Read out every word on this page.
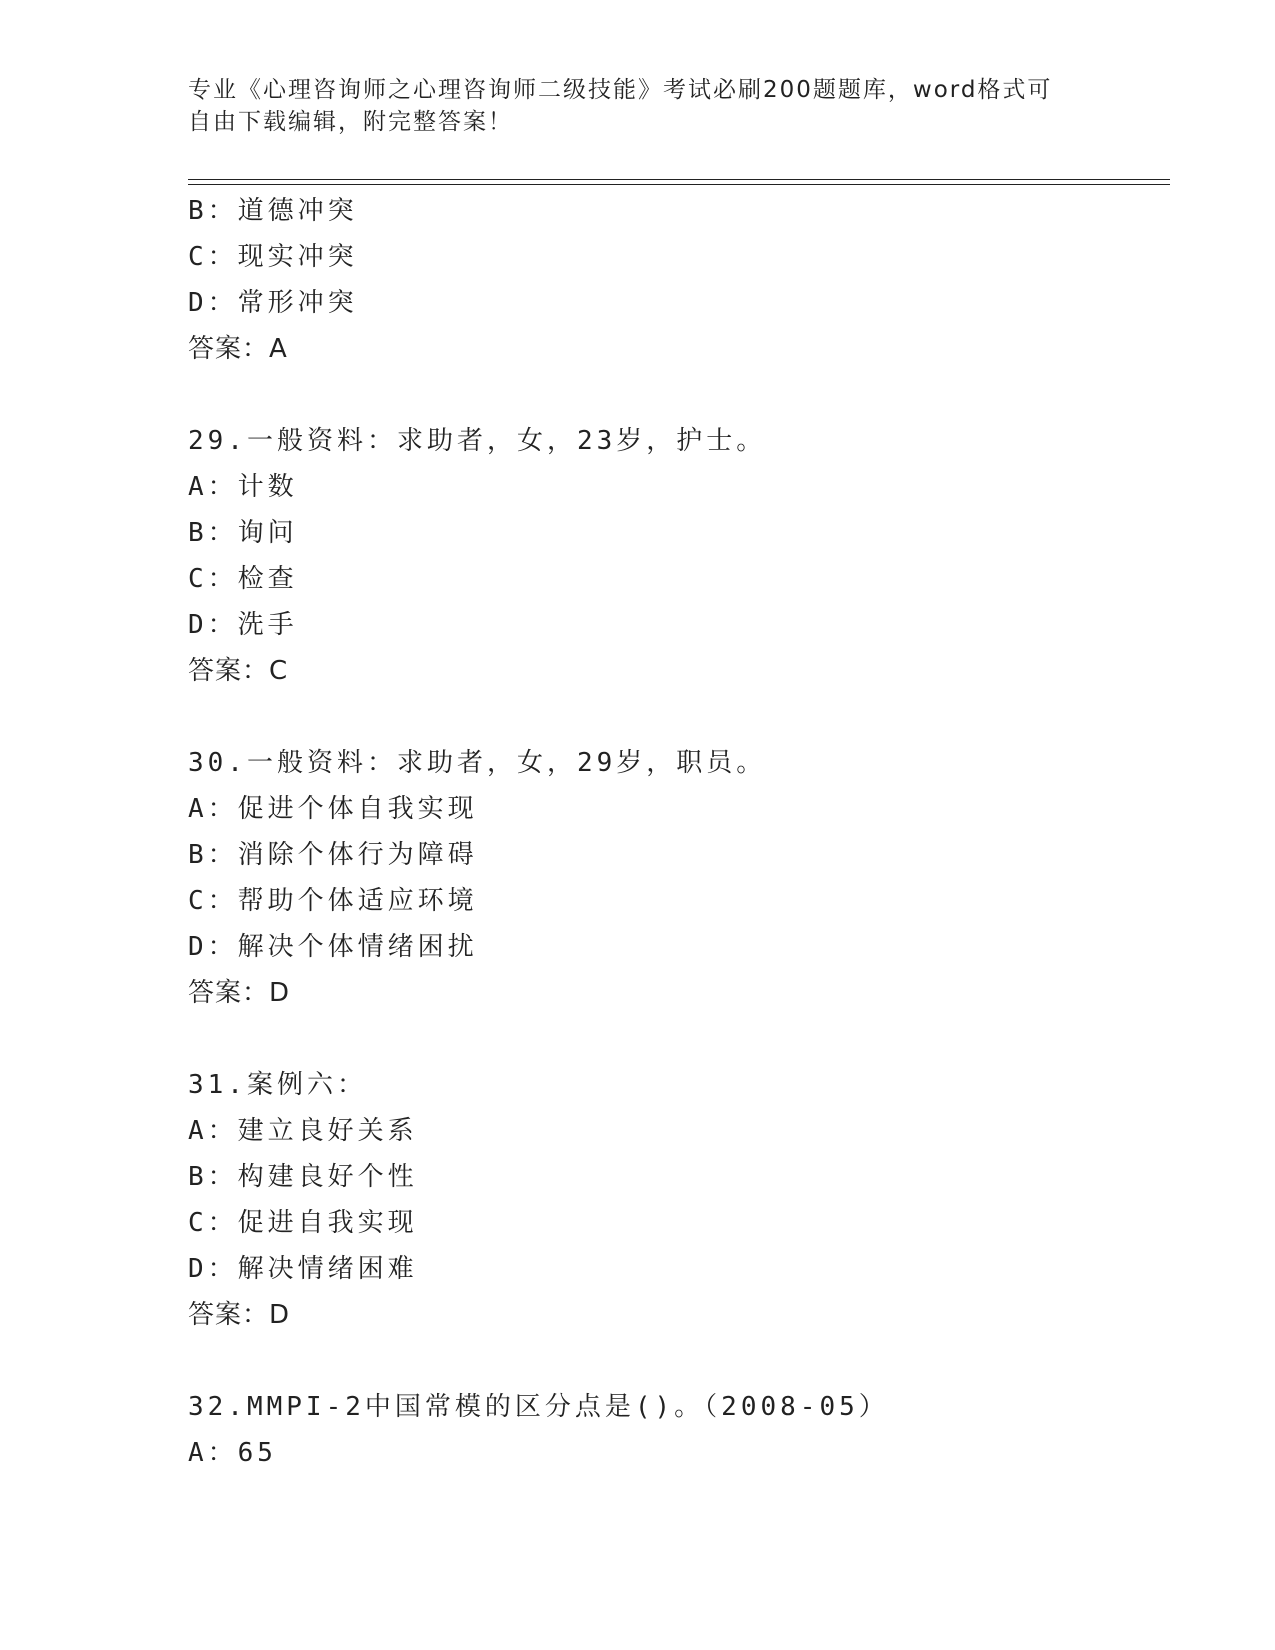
专业《心理咨询师之心理咨询师二级技能》考试必刷200题题库，word格式可自由下载编辑，附完整答案！
B：道德冲突
C：现实冲突
D：常形冲突
答案：A
29.一般资料：求助者，女，23岁，护士。
A：计数
B：询问
C：检查
D：洗手
答案：C
30.一般资料：求助者，女，29岁，职员。
A：促进个体自我实现
B：消除个体行为障碍
C：帮助个体适应环境
D：解决个体情绪困扰
答案：D
31.案例六：
A：建立良好关系
B：构建良好个性
C：促进自我实现
D：解决情绪困难
答案：D
32.MMPI-2中国常模的区分点是()。（2008-05）
A：65
